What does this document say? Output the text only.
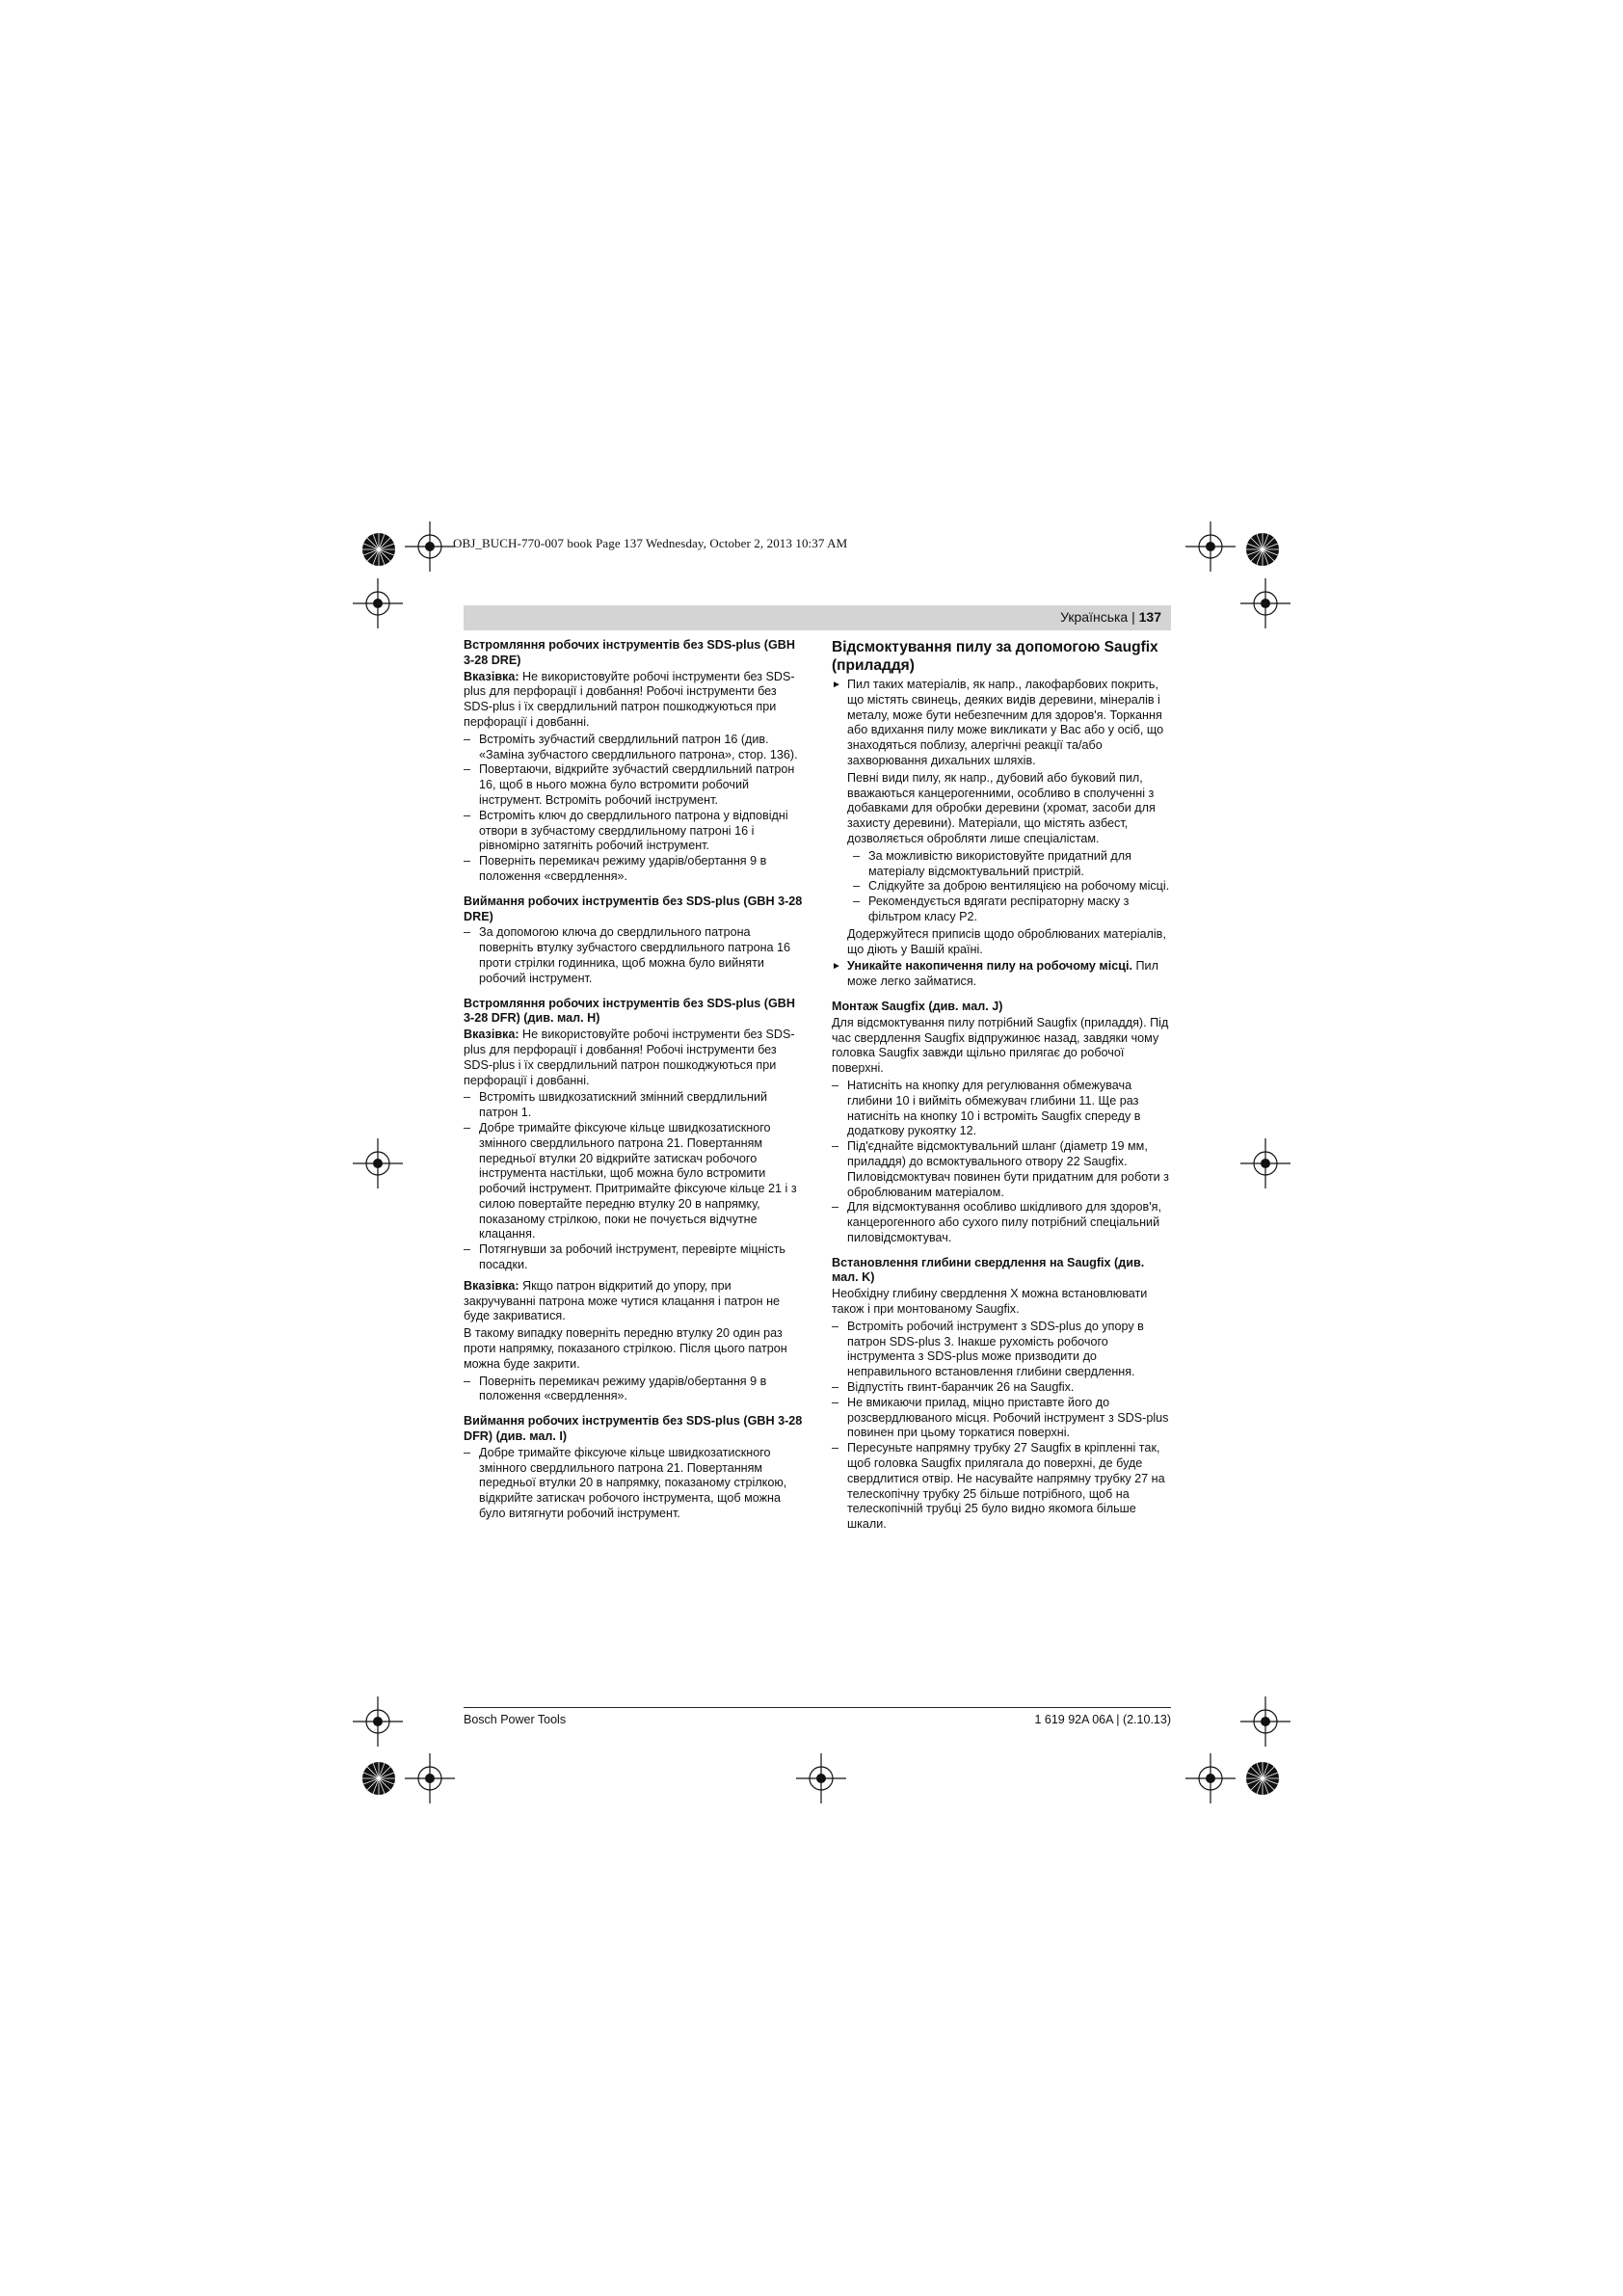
OBJ_BUCH-770-007 book Page 137 Wednesday, October 2, 2013 10:37 AM
Українська | 137
Встромляння робочих інструментів без SDS-plus (GBH 3-28 DRE)

Вказівка: Не використовуйте робочі інструменти без SDS-plus для перфорації і довбання! Робочі інструменти без SDS-plus і їх свердлильний патрон пошкоджуються при перфорації і довбанні.

– Встроміть зубчастий свердлильний патрон 16 (див. «Заміна зубчастого свердлильного патрона», стор. 136).
– Повертаючи, відкрийте зубчастий свердлильний патрон 16, щоб в нього можна було встромити робочий інструмент. Встроміть робочий інструмент.
– Встроміть ключ до свердлильного патрона у відповідні отвори в зубчастому свердлильному патроні 16 і рівномірно затягніть робочий інструмент.
– Поверніть перемикач режиму ударів/обертання 9 в положення «свердлення».
Виймання робочих інструментів без SDS-plus (GBH 3-28 DRE)
– За допомогою ключа до свердлильного патрона поверніть втулку зубчастого свердлильного патрона 16 проти стрілки годинника, щоб можна було вийняти робочий інструмент.
Встромляння робочих інструментів без SDS-plus (GBH 3-28 DFR) (див. мал. H)

Вказівка: Не використовуйте робочі інструменти без SDS-plus для перфорації і довбання! Робочі інструменти без SDS-plus і їх свердлильний патрон пошкоджуються при перфорації і довбанні.

– Встроміть швидкозатискний змінний свердлильний патрон 1.
– Добре тримайте фіксуюче кільце швидкозатискного змінного свердлильного патрона 21. Повертанням передньої втулки 20 відкрийте затискач робочого інструмента настільки, щоб можна було встромити робочий інструмент. Притримайте фіксуюче кільце 21 і з силою повертайте передню втулку 20 в напрямку, показаному стрілкою, поки не почується відчутне клацання.
– Потягнувши за робочий інструмент, перевірте міцність посадки.

Вказівка: Якщо патрон відкритий до упору, при закручуванні патрона може чутися клацання і патрон не буде закриватися.

В такому випадку поверніть передню втулку 20 один раз проти напрямку, показаного стрілкою. Після цього патрон можна буде закрити.

– Поверніть перемикач режиму ударів/обертання 9 в положення «свердлення».
Виймання робочих інструментів без SDS-plus (GBH 3-28 DFR) (див. мал. I)
– Добре тримайте фіксуюче кільце швидкозатискного змінного свердлильного патрона 21. Повертанням передньої втулки 20 в напрямку, показаному стрілкою, відкрийте затискач робочого інструмента, щоб можна було витягнути робочий інструмент.
Відсмоктування пилу за допомогою Saugfix (приладдя)
► Пил таких матеріалів, як напр., лакофарбових покрить, що містять свинець, деяких видів деревини, мінералів і металу, може бути небезпечним для здоров'я. Торкання або вдихання пилу може викликати у Вас або у осіб, що знаходяться поблизу, алергічні реакції та/або захворювання дихальних шляхів.
Певні види пилу, як напр., дубовий або буковий пил, вважаються канцерогенними, особливо в сполученні з добавками для обробки деревини (хромат, засоби для захисту деревини). Матеріали, що містять азбест, дозволяється обробляти лише спеціалістам.
– За можливістю використовуйте придатний для матеріалу відсмоктувальний пристрій.
– Слідкуйте за доброю вентиляцією на робочому місці.
– Рекомендується вдягати респіраторну маску з фільтром класу P2.
Додержуйтеся приписів щодо оброблюваних матеріалів, що діють у Вашій країні.
► Уникайте накопичення пилу на робочому місці. Пил може легко займатися.
Монтаж Saugfix (див. мал. J)

Для відсмоктування пилу потрібний Saugfix (приладдя). Під час свердлення Saugfix відпружинює назад, завдяки чому головка Saugfix завжди щільно прилягає до робочої поверхні.

– Натисніть на кнопку для регулювання обмежувача глибини 10 і вийміть обмежувач глибини 11. Ще раз натисніть на кнопку 10 і встроміть Saugfix спереду в додаткову рукоятку 12.
– Під'єднайте відсмоктувальний шланг (діаметр 19 мм, приладдя) до всмоктувального отвору 22 Saugfix. Пиловідсмоктувач повинен бути придатним для роботи з оброблюваним матеріалом.
– Для відсмоктування особливо шкідливого для здоров'я, канцерогенного або сухого пилу потрібний спеціальний пиловідсмоктувач.
Встановлення глибини свердлення на Saugfix (див. мал. K)

Необхідну глибину свердлення X можна встановлювати також і при монтованому Saugfix.

– Встроміть робочий інструмент з SDS-plus до упору в патрон SDS-plus 3. Інакше рухомість робочого інструмента з SDS-plus може призводити до неправильного встановлення глибини свердлення.
– Відпустіть гвинт-баранчик 26 на Saugfix.
– Не вмикаючи прилад, міцно приставте його до розсвердлюваного місця. Робочий інструмент з SDS-plus повинен при цьому торкатися поверхні.
– Пересуньте напрямну трубку 27 Saugfix в кріпленні так, щоб головка Saugfix прилягала до поверхні, де буде свердлитися отвір. Не насувайте напрямну трубку 27 на телескопічну трубку 25 більше потрібного, щоб на телескопічній трубці 25 було видно якомога більше шкали.
Bosch Power Tools	1 619 92A 06A | (2.10.13)
